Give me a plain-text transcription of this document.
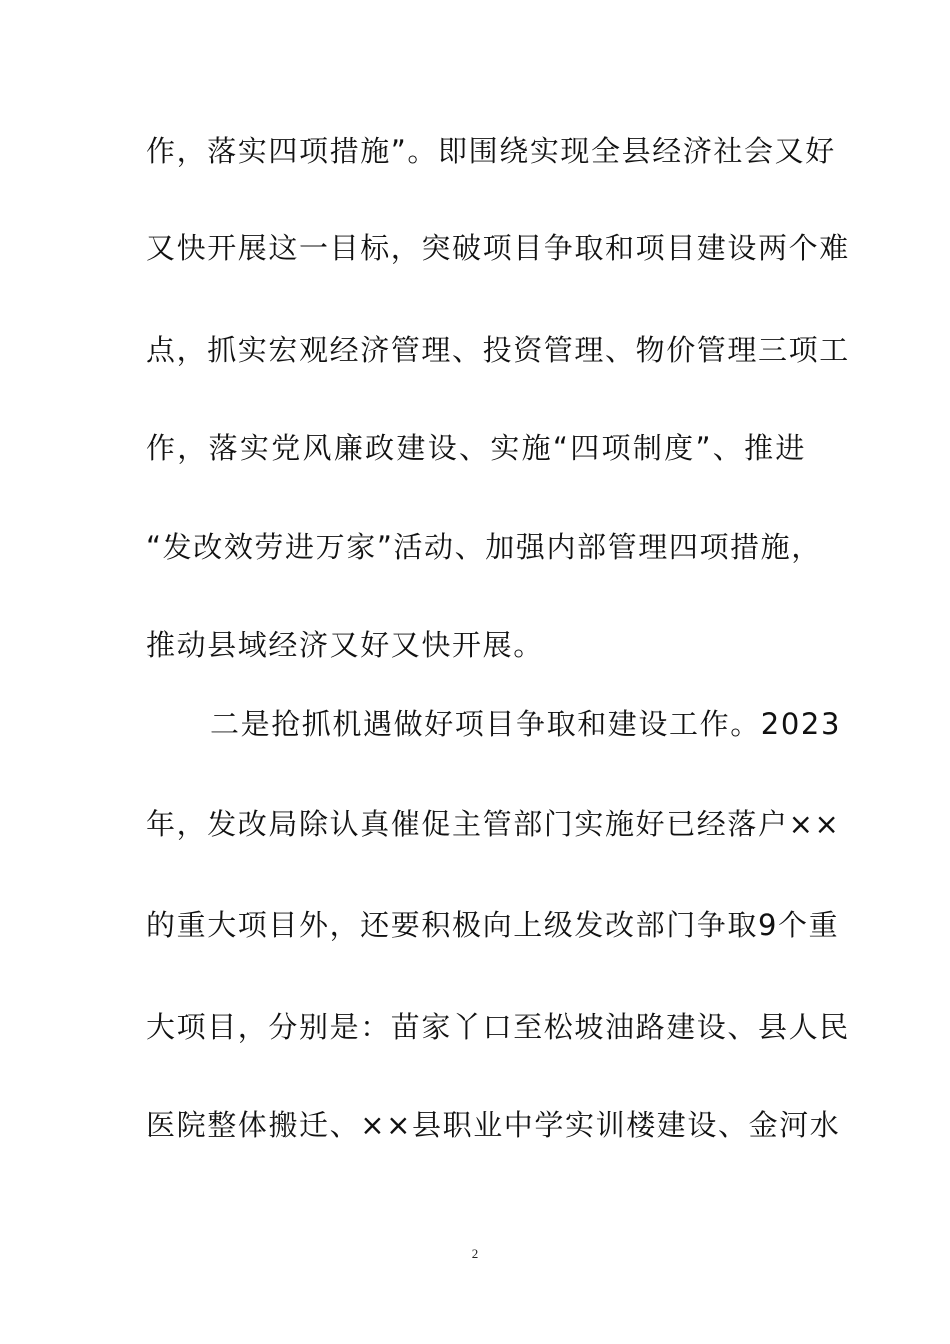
作，落实四项措施”。即围绕实现全县经济社会又好
又快开展这一目标，突破项目争取和项目建设两个难
点，抓实宏观经济管理、投资管理、物价管理三项工
作，落实党风廉政建设、实施“四项制度”、推进
“发改效劳进万家”活动、加强内部管理四项措施，
推动县域经济又好又快开展。
二是抢抓机遇做好项目争取和建设工作。2023
年，发改局除认真催促主管部门实施好已经落户××
的重大项目外，还要积极向上级发改部门争取9个重
大项目，分别是：苗家丫口至松坡油路建设、县人民
医院整体搬迁、××县职业中学实训楼建设、金河水
2
